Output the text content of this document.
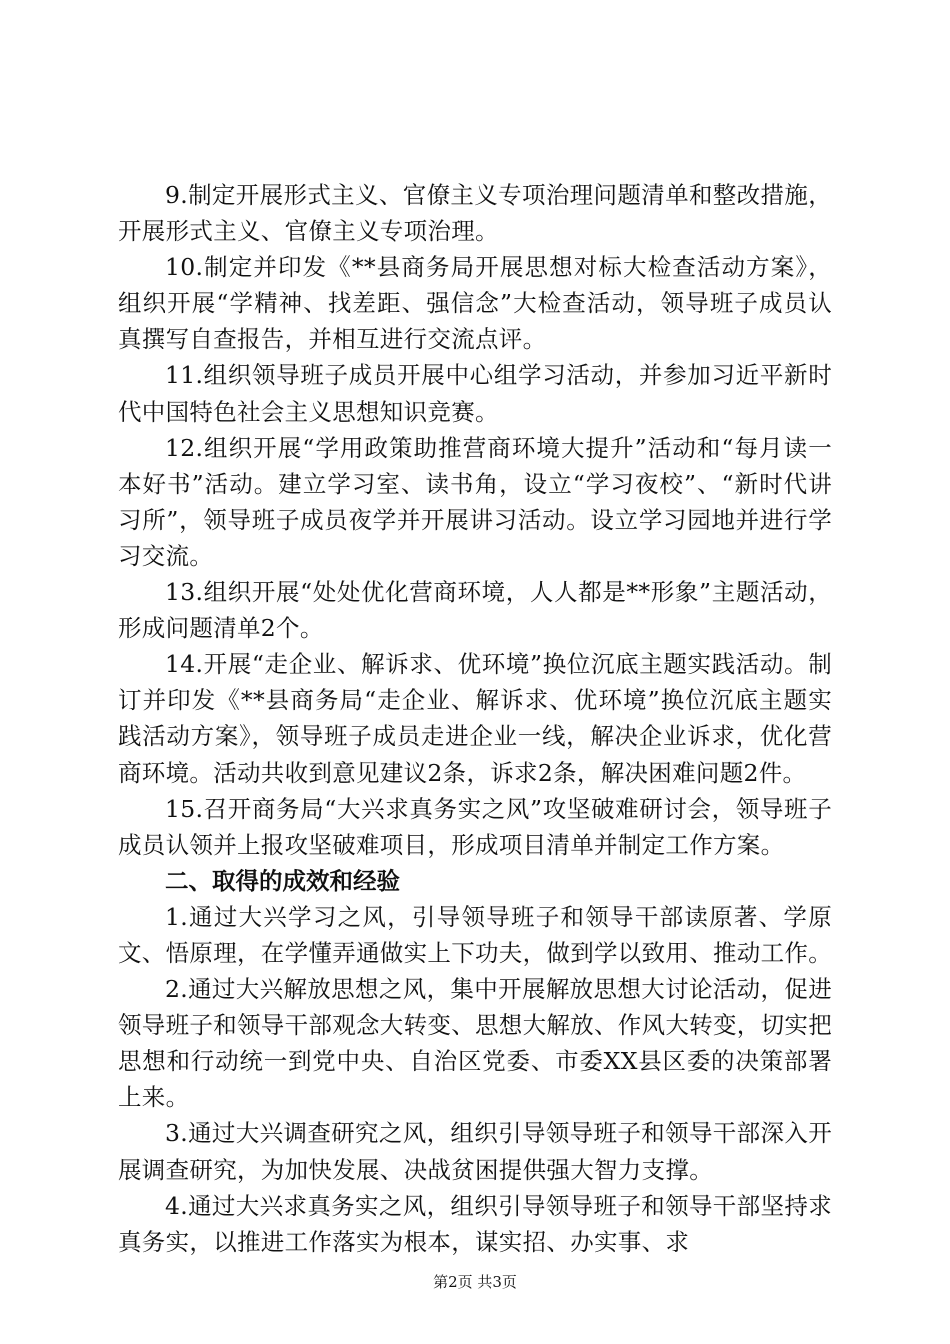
9.制定开展形式主义、官僚主义专项治理问题清单和整改措施，开展形式主义、官僚主义专项治理。

10.制定并印发《**县商务局开展思想对标大检查活动方案》，组织开展“学精神、找差距、强信念”大检查活动，领导班子成员认真撰写自查报告，并相互进行交流点评。

11.组织领导班子成员开展中心组学习活动，并参加习近平新时代中国特色社会主义思想知识竞赛。

12.组织开展“学用政策助推营商环境大提升”活动和“每月读一本好书”活动。建立学习室、读书角，设立“学习夜校”、“新时代讲习所”，领导班子成员夜学并开展讲习活动。设立学习园地并进行学习交流。

13.组织开展“处处优化营商环境，人人都是**形象”主题活动，形成问题清单2个。

14.开展“走企业、解诉求、优环境”换位沉底主题实践活动。制订并印发《**县商务局“走企业、解诉求、优环境”换位沉底主题实践活动方案》，领导班子成员走进企业一线，解决企业诉求，优化营商环境。活动共收到意见建议2条，诉求2条，解决困难问题2件。

15.召开商务局“大兴求真务实之风”攻坚破难研讨会，领导班子成员认领并上报攻坚破难项目，形成项目清单并制定工作方案。

二、取得的成效和经验

1.通过大兴学习之风，引导领导班子和领导干部读原著、学原文、悟原理，在学懂弄通做实上下功夫，做到学以致用、推动工作。

2.通过大兴解放思想之风，集中开展解放思想大讨论活动，促进领导班子和领导干部观念大转变、思想大解放、作风大转变，切实把思想和行动统一到党中央、自治区党委、市委XX县区委的决策部署上来。

3.通过大兴调查研究之风，组织引导领导班子和领导干部深入开展调查研究，为加快发展、决战贫困提供强大智力支撑。

4.通过大兴求真务实之风，组织引导领导班子和领导干部坚持求真务实，以推进工作落实为根本，谋实招、办实事、求

第2页 共3页
